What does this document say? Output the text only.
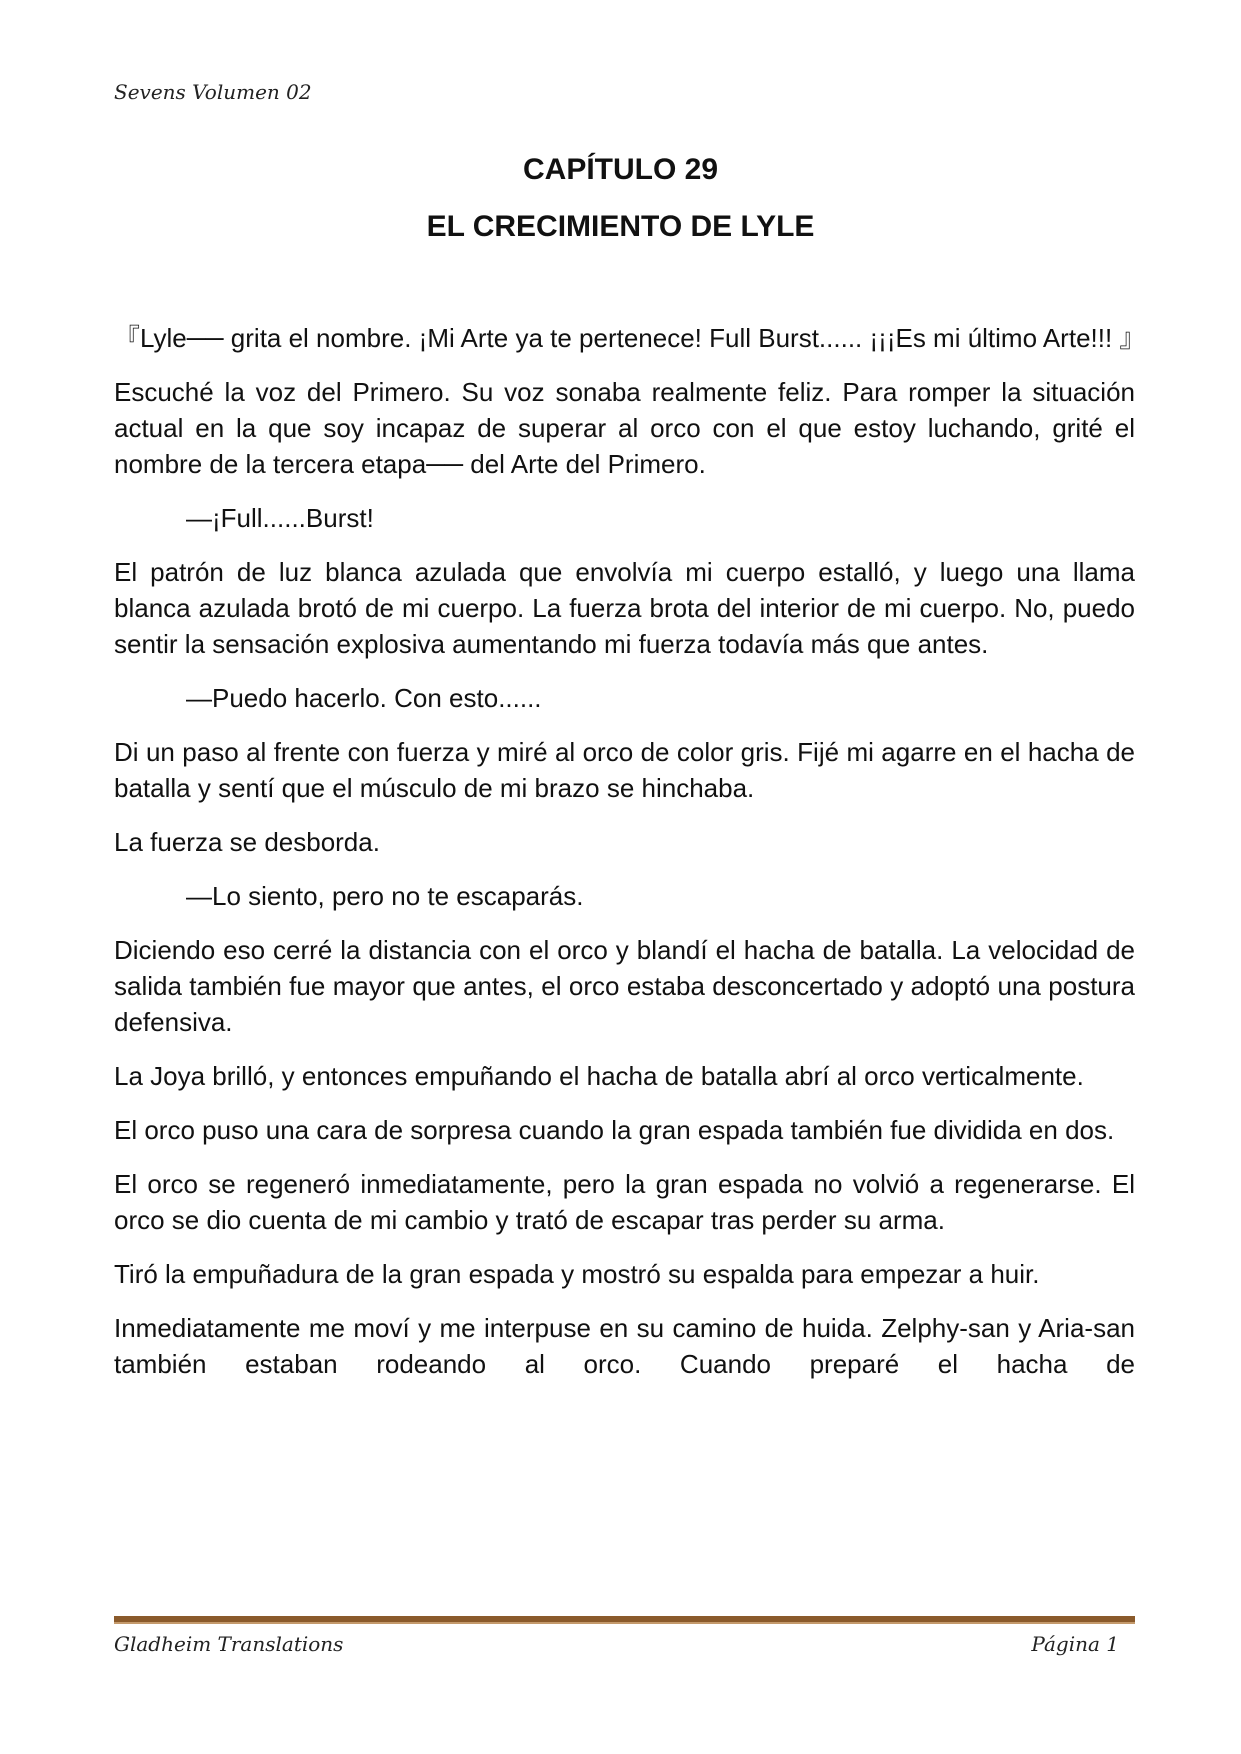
Sevens Volumen 02
CAPÍTULO 29
EL CRECIMIENTO DE LYLE

『Lyle── grita el nombre. ¡Mi Arte ya te pertenece! Full Burst...... ¡¡¡Es mi último Arte!!! 』

Escuché la voz del Primero. Su voz sonaba realmente feliz. Para romper la situación actual en la que soy incapaz de superar al orco con el que estoy luchando, grité el nombre de la tercera etapa── del Arte del Primero.

—¡Full......Burst!

El patrón de luz blanca azulada que envolvía mi cuerpo estalló, y luego una llama blanca azulada brotó de mi cuerpo. La fuerza brota del interior de mi cuerpo. No, puedo sentir la sensación explosiva aumentando mi fuerza todavía más que antes.

—Puedo hacerlo. Con esto......

Di un paso al frente con fuerza y miré al orco de color gris. Fijé mi agarre en el hacha de batalla y sentí que el músculo de mi brazo se hinchaba.

La fuerza se desborda.

—Lo siento, pero no te escaparás.

Diciendo eso cerré la distancia con el orco y blandí el hacha de batalla. La velocidad de salida también fue mayor que antes, el orco estaba desconcertado y adoptó una postura defensiva.

La Joya brilló, y entonces empuñando el hacha de batalla abrí al orco verticalmente.

El orco puso una cara de sorpresa cuando la gran espada también fue dividida en dos.

El orco se regeneró inmediatamente, pero la gran espada no volvió a regenerarse. El orco se dio cuenta de mi cambio y trató de escapar tras perder su arma.

Tiró la empuñadura de la gran espada y mostró su espalda para empezar a huir.

Inmediatamente me moví y me interpuse en su camino de huida. Zelphy-san y Aria-san también estaban rodeando al orco. Cuando preparé el hacha de

Gladheim Translations	Página 1
